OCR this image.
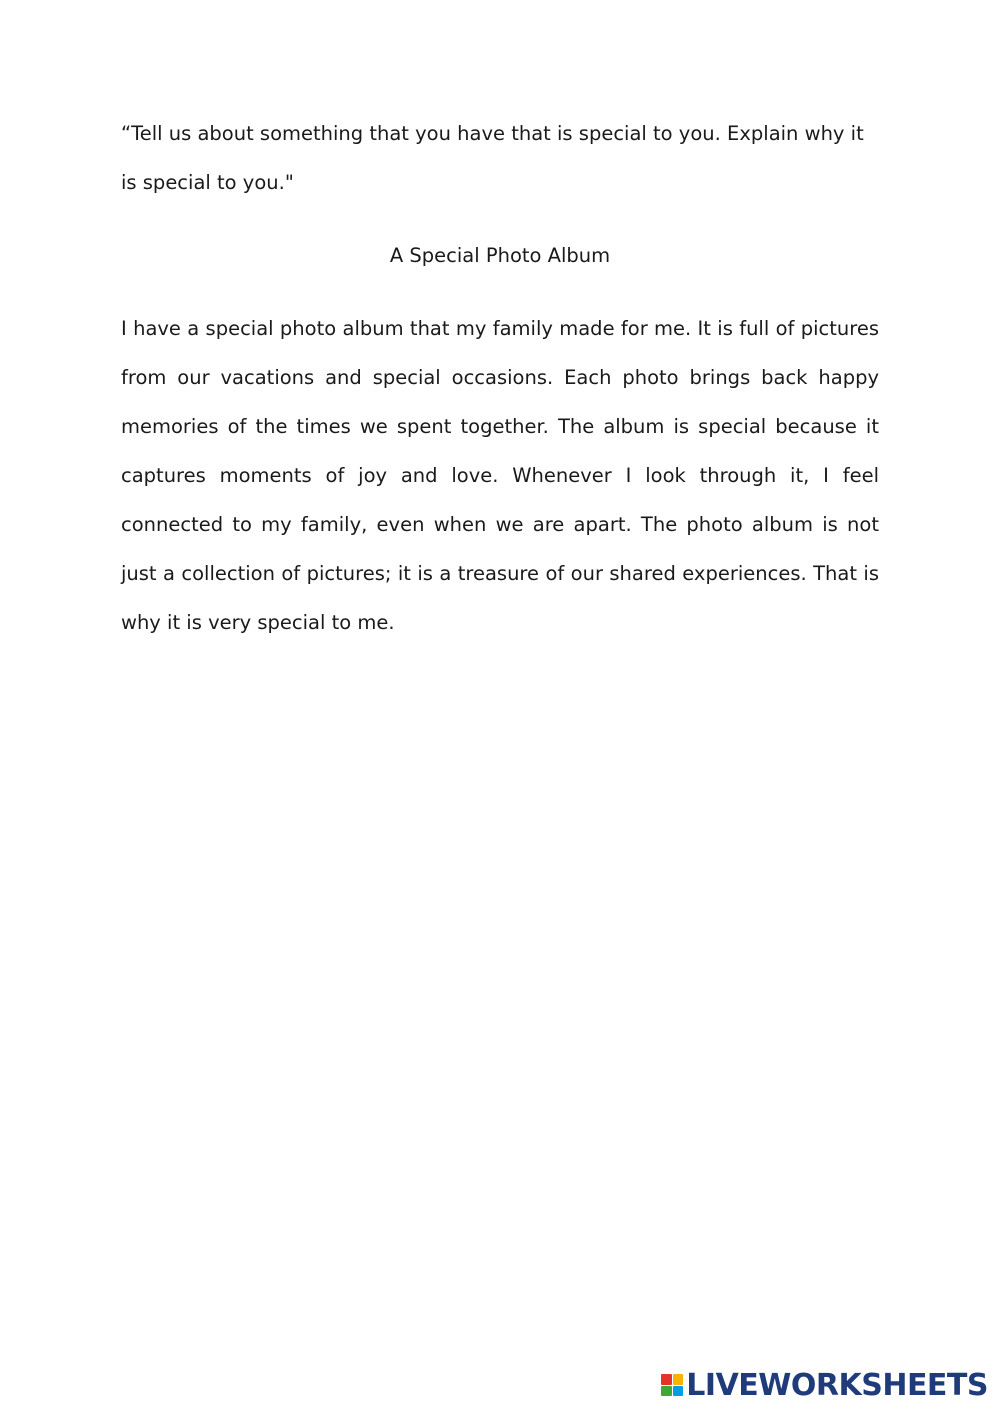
“Tell us about something that you have that is special to you. Explain why it is special to you."

A Special Photo Album

I have a special photo album that my family made for me. It is full of pictures from our vacations and special occasions. Each photo brings back happy memories of the times we spent together. The album is special because it captures moments of joy and love. Whenever I look through it, I feel connected to my family, even when we are apart. The photo album is not just a collection of pictures; it is a treasure of our shared experiences. That is why it is very special to me.

LIVEWORKSHEETS
